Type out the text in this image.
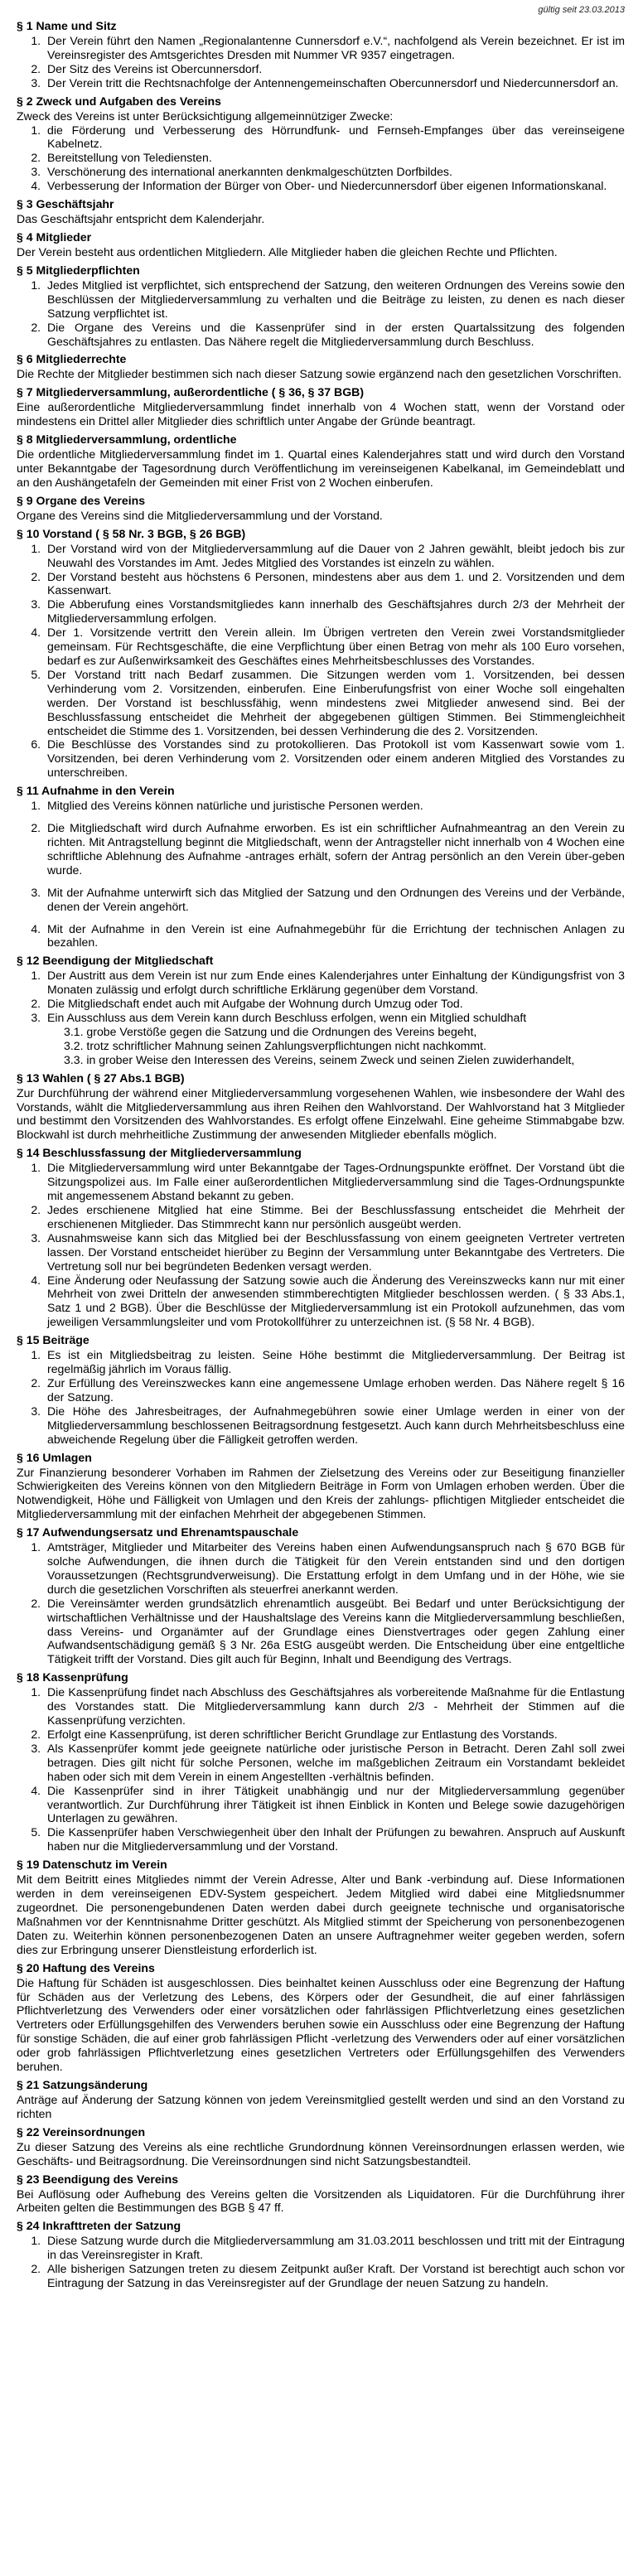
gültig seit 23.03.2013
§ 1 Name und Sitz
1. Der Verein führt den Namen „Regionalantenne Cunnersdorf e.V.“, nachfolgend als Verein bezeichnet. Er ist im Vereinsregister des Amtsgerichtes Dresden mit Nummer VR 9357 eingetragen.
2. Der Sitz des Vereins ist Obercunnersdorf.
3. Der Verein tritt die Rechtsnachfolge der Antennengemeinschaften Obercunnersdorf und Niedercunnersdorf an.
§ 2 Zweck und Aufgaben des Vereins

Zweck des Vereins ist unter Berücksichtigung allgemeinnütziger Zwecke:

1. die Förderung und Verbesserung des Hörrundfunk- und Fernseh-Empfanges über das vereinseigene Kabelnetz.
2. Bereitstellung von Telediensten.
3. Verschönerung des international anerkannten denkmalgeschützten Dorfbildes.
4. Verbesserung der Information der Bürger von Ober- und Niedercunnersdorf über eigenen Informationskanal.
§ 3 Geschäftsjahr

Das Geschäftsjahr entspricht dem Kalenderjahr.

§ 4 Mitglieder

Der Verein besteht aus ordentlichen Mitgliedern. Alle Mitglieder haben die gleichen Rechte und Pflichten.

§ 5 Mitgliederpflichten
1. Jedes Mitglied ist verpflichtet, sich entsprechend der Satzung, den weiteren Ordnungen des Vereins sowie den Beschlüssen der Mitgliederversammlung zu verhalten und die Beiträge zu leisten, zu denen es nach dieser Satzung verpflichtet ist.
2. Die Organe des Vereins und die Kassenprüfer sind in der ersten Quartalssitzung des folgenden Geschäftsjahres zu entlasten. Das Nähere regelt die Mitgliederversammlung durch Beschluss.
§ 6 Mitgliederrechte

Die Rechte der Mitglieder bestimmen sich nach dieser Satzung sowie ergänzend nach den gesetzlichen Vorschriften.

§ 7 Mitgliederversammlung, außerordentliche ( § 36, § 37 BGB)

Eine außerordentliche Mitgliederversammlung findet innerhalb von 4 Wochen statt, wenn der Vorstand oder mindestens ein Drittel aller Mitglieder dies schriftlich unter Angabe der Gründe beantragt.

§ 8 Mitgliederversammlung, ordentliche

Die ordentliche Mitgliederversammlung findet im 1. Quartal eines Kalenderjahres statt und wird durch den Vorstand unter Bekanntgabe der Tagesordnung durch Veröffentlichung im vereinseigenen Kabelkanal, im Gemeindeblatt und an den Aushängetafeln der Gemeinden mit einer Frist von 2 Wochen einberufen.

§ 9 Organe des Vereins

Organe des Vereins sind die Mitgliederversammlung und der Vorstand.

§ 10 Vorstand ( § 58 Nr. 3 BGB, § 26 BGB)
1. Der Vorstand wird von der Mitgliederversammlung auf die Dauer von 2 Jahren gewählt, bleibt jedoch bis zur Neuwahl des Vorstandes im Amt. Jedes Mitglied des Vorstandes ist einzeln zu wählen.
2. Der Vorstand besteht aus höchstens 6 Personen, mindestens aber aus dem 1. und 2. Vorsitzenden und dem Kassenwart.
3. Die Abberufung eines Vorstandsmitgliedes kann innerhalb des Geschäftsjahres durch 2/3 der Mehrheit der Mitgliederversammlung erfolgen.
4. Der 1. Vorsitzende vertritt den Verein allein. Im Übrigen vertreten den Verein zwei Vorstandsmitglieder gemeinsam. Für Rechtsgeschäfte, die eine Verpflichtung über einen Betrag von mehr als 100 Euro vorsehen, bedarf es zur Außenwirksamkeit des Geschäftes eines Mehrheitsbeschlusses des Vorstandes.
5. Der Vorstand tritt nach Bedarf zusammen. Die Sitzungen werden vom 1. Vorsitzenden, bei dessen Verhinderung vom 2. Vorsitzenden, einberufen. Eine Einberufungsfrist von einer Woche soll eingehalten werden. Der Vorstand ist beschlussfähig, wenn mindestens zwei Mitglieder anwesend sind. Bei der Beschlussfassung entscheidet die Mehrheit der abgegebenen gültigen Stimmen. Bei Stimmengleichheit entscheidet die Stimme des 1. Vorsitzenden, bei dessen Verhinderung die des 2. Vorsitzenden.
6. Die Beschlüsse des Vorstandes sind zu protokollieren. Das Protokoll ist vom Kassenwart sowie vom 1. Vorsitzenden, bei deren Verhinderung vom 2. Vorsitzenden oder einem anderen Mitglied des Vorstandes zu unterschreiben.
§ 11 Aufnahme in den Verein
1. Mitglied des Vereins können natürliche und juristische Personen werden.
2. Die Mitgliedschaft wird durch Aufnahme erworben. Es ist ein schriftlicher Aufnahmeantrag an den Verein zu richten. Mit Antragstellung beginnt die Mitgliedschaft, wenn der Antragsteller nicht innerhalb von 4 Wochen eine schriftliche Ablehnung des Aufnahme -antrages erhält, sofern der Antrag persönlich an den Verein über-geben wurde.
3. Mit der Aufnahme unterwirft sich das Mitglied der Satzung und den Ordnungen des Vereins und der Verbände, denen der Verein angehört.
4. Mit der Aufnahme in den Verein ist eine Aufnahmegebühr für die Errichtung der technischen Anlagen zu bezahlen.
§ 12 Beendigung der Mitgliedschaft
1. Der Austritt aus dem Verein ist nur zum Ende eines Kalenderjahres unter Einhaltung der Kündigungsfrist von 3 Monaten zulässig und erfolgt durch schriftliche Erklärung gegenüber dem Vorstand.
2. Die Mitgliedschaft endet auch mit Aufgabe der Wohnung durch Umzug oder Tod.
3. Ein Ausschluss aus dem Verein kann durch Beschluss erfolgen, wenn ein Mitglied schuldhaft
3.1. grobe Verstöße gegen die Satzung und die Ordnungen des Vereins begeht,
3.2. trotz schriftlicher Mahnung seinen Zahlungsverpflichtungen nicht nachkommt.
3.3. in grober Weise den Interessen des Vereins, seinem Zweck und seinen Zielen zuwiderhandelt,
§ 13 Wahlen ( § 27 Abs.1 BGB)

Zur Durchführung der während einer Mitgliederversammlung vorgesehenen Wahlen, wie insbesondere der Wahl des Vorstands, wählt die Mitgliederversammlung aus ihren Reihen den Wahlvorstand. Der Wahlvorstand hat 3 Mitglieder und bestimmt den Vorsitzenden des Wahlvorstandes. Es erfolgt offene Einzelwahl. Eine geheime Stimmabgabe bzw. Blockwahl ist durch mehrheitliche Zustimmung der anwesenden Mitglieder ebenfalls möglich.

§ 14 Beschlussfassung der Mitgliederversammlung
1. Die Mitgliederversammlung wird unter Bekanntgabe der Tages-Ordnungspunkte eröffnet. Der Vorstand übt die Sitzungspolizei aus. Im Falle einer außerordentlichen Mitgliederversammlung sind die Tages-Ordnungspunkte mit angemessenem Abstand bekannt zu geben.
2. Jedes erschienene Mitglied hat eine Stimme. Bei der Beschlussfassung entscheidet die Mehrheit der erschienenen Mitglieder. Das Stimmrecht kann nur persönlich ausgeübt werden.
3. Ausnahmsweise kann sich das Mitglied bei der Beschlussfassung von einem geeigneten Vertreter vertreten lassen. Der Vorstand entscheidet hierüber zu Beginn der Versammlung unter Bekanntgabe des Vertreters. Die Vertretung soll nur bei begründeten Bedenken versagt werden.
4. Eine Änderung oder Neufassung der Satzung sowie auch die Änderung des Vereinszwecks kann nur mit einer Mehrheit von zwei Dritteln der anwesenden stimmberechtigten Mitglieder beschlossen werden. ( § 33 Abs.1, Satz 1 und 2 BGB). Über die Beschlüsse der Mitgliederversammlung ist ein Protokoll aufzunehmen, das vom jeweiligen Versammlungsleiter und vom Protokollführer zu unterzeichnen ist. (§ 58 Nr. 4 BGB).
§ 15 Beiträge
1. Es ist ein Mitgliedsbeitrag zu leisten. Seine Höhe bestimmt die Mitgliederversammlung. Der Beitrag ist regelmäßig jährlich im Voraus fällig.
2. Zur Erfüllung des Vereinszweckes kann eine angemessene Umlage erhoben werden. Das Nähere regelt § 16 der Satzung.
3. Die Höhe des Jahresbeitrages, der Aufnahmegebühren sowie einer Umlage werden in einer von der Mitgliederversammlung beschlossenen Beitragsordnung festgesetzt. Auch kann durch Mehrheitsbeschluss eine abweichende Regelung über die Fälligkeit getroffen werden.
§ 16 Umlagen

Zur Finanzierung besonderer Vorhaben im Rahmen der Zielsetzung des Vereins oder zur Beseitigung finanzieller Schwierigkeiten des Vereins können von den Mitgliedern Beiträge in Form von Umlagen erhoben werden. Über die Notwendigkeit, Höhe und Fälligkeit von Umlagen und den Kreis der zahlungs- pflichtigen Mitglieder entscheidet die Mitgliederversammlung mit der einfachen Mehrheit der abgegebenen Stimmen.

§ 17 Aufwendungsersatz und Ehrenamtspauschale
1. Amtsträger, Mitglieder und Mitarbeiter des Vereins haben einen Aufwendungsanspruch nach § 670 BGB für solche Aufwendungen, die ihnen durch die Tätigkeit für den Verein entstanden sind und den dortigen Voraussetzungen (Rechtsgrundverweisung). Die Erstattung erfolgt in dem Umfang und in der Höhe, wie sie durch die gesetzlichen Vorschriften als steuerfrei anerkannt werden.
2. Die Vereinsämter werden grundsätzlich ehrenamtlich ausgeübt. Bei Bedarf und unter Berücksichtigung der wirtschaftlichen Verhältnisse und der Haushaltslage des Vereins kann die Mitgliederversammlung beschließen, dass Vereins- und Organämter auf der Grundlage eines Dienstvertrages oder gegen Zahlung einer Aufwandsentschädigung gemäß § 3 Nr. 26a EStG ausgeübt werden. Die Entscheidung über eine entgeltliche Tätigkeit trifft der Vorstand. Dies gilt auch für Beginn, Inhalt und Beendigung des Vertrags.
§ 18 Kassenprüfung
1. Die Kassenprüfung findet nach Abschluss des Geschäftsjahres als vorbereitende Maßnahme für die Entlastung des Vorstandes statt. Die Mitgliederversammlung kann durch 2/3 - Mehrheit der Stimmen auf die Kassenprüfung verzichten.
2. Erfolgt eine Kassenprüfung, ist deren schriftlicher Bericht Grundlage zur Entlastung des Vorstands.
3. Als Kassenprüfer kommt jede geeignete natürliche oder juristische Person in Betracht. Deren Zahl soll zwei betragen. Dies gilt nicht für solche Personen, welche im maßgeblichen Zeitraum ein Vorstandamt bekleidet haben oder sich mit dem Verein in einem Angestellten -verhältnis befinden.
4. Die Kassenprüfer sind in ihrer Tätigkeit unabhängig und nur der Mitgliederversammlung gegenüber verantwortlich. Zur Durchführung ihrer Tätigkeit ist ihnen Einblick in Konten und Belege sowie dazugehörigen Unterlagen zu gewähren.
5. Die Kassenprüfer haben Verschwiegenheit über den Inhalt der Prüfungen zu bewahren. Anspruch auf Auskunft haben nur die Mitgliederversammlung und der Vorstand.
§ 19 Datenschutz im Verein

Mit dem Beitritt eines Mitgliedes nimmt der Verein Adresse, Alter und Bank -verbindung auf. Diese Informationen werden in dem vereinseigenen EDV-System gespeichert. Jedem Mitglied wird dabei eine Mitgliedsnummer zugeordnet. Die personengebundenen Daten werden dabei durch geeignete technische und organisatorische Maßnahmen vor der Kenntnisnahme Dritter geschützt. Als Mitglied stimmt der Speicherung von personenbezogenen Daten zu. Weiterhin können personenbezogenen Daten an unsere Auftragnehmer weiter gegeben werden, sofern dies zur Erbringung unserer Dienstleistung erforderlich ist.

§ 20 Haftung des Vereins

Die Haftung für Schäden ist ausgeschlossen. Dies beinhaltet keinen Ausschluss oder eine Begrenzung der Haftung für Schäden aus der Verletzung des Lebens, des Körpers oder der Gesundheit, die auf einer fahrlässigen Pflichtverletzung des Verwenders oder einer vorsätzlichen oder fahrlässigen Pflichtverletzung eines gesetzlichen Vertreters oder Erfüllungsgehilfen des Verwenders beruhen sowie ein Ausschluss oder eine Begrenzung der Haftung für sonstige Schäden, die auf einer grob fahrlässigen Pflicht -verletzung des Verwenders oder auf einer vorsätzlichen oder grob fahrlässigen Pflichtverletzung eines gesetzlichen Vertreters oder Erfüllungsgehilfen des Verwenders beruhen.

§ 21 Satzungsänderung

Anträge auf Änderung der Satzung können von jedem Vereinsmitglied gestellt werden und sind an den Vorstand zu richten

§ 22 Vereinsordnungen

Zu dieser Satzung des Vereins als eine rechtliche Grundordnung können Vereinsordnungen erlassen werden, wie Geschäfts- und Beitragsordnung. Die Vereinsordnungen sind nicht Satzungsbestandteil.

§ 23 Beendigung des Vereins

Bei Auflösung oder Aufhebung des Vereins gelten die Vorsitzenden als Liquidatoren. Für die Durchführung ihrer Arbeiten gelten die Bestimmungen des BGB § 47 ff.

§ 24 Inkrafttreten der Satzung
1. Diese Satzung wurde durch die Mitgliederversammlung am 31.03.2011 beschlossen und tritt mit der Eintragung in das Vereinsregister in Kraft.
2. Alle bisherigen Satzungen treten zu diesem Zeitpunkt außer Kraft. Der Vorstand ist berechtigt auch schon vor Eintragung der Satzung in das Vereinsregister auf der Grundlage der neuen Satzung zu handeln.
